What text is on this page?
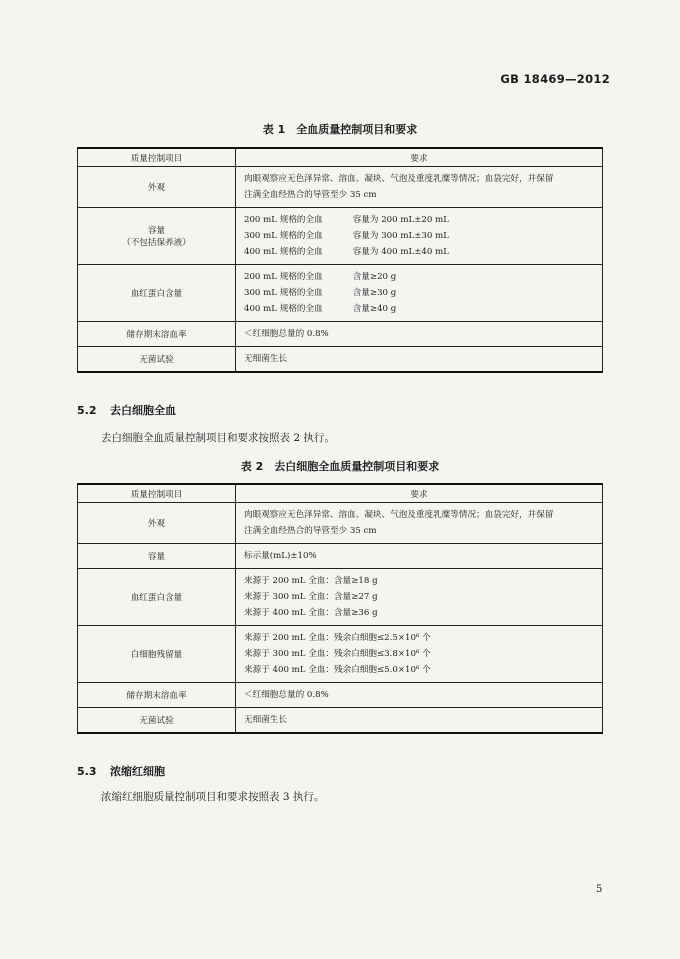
GB 18469—2012
表 1　全血质量控制项目和要求
质量控制项目	要求
外观	肉眼观察应无色泽异常、溶血、凝块、气泡及重度乳糜等情况；血袋完好，并保留
注满全血经热合的导管至少 35 cm

容量
（不包括保养液）	200 mL 规格的全血 容量为 200 mL±20 mL
300 mL 规格的全血 容量为 300 mL±30 mL
400 mL 规格的全血 容量为 400 mL±40 mL

血红蛋白含量	200 mL 规格的全血 含量≥20 g
300 mL 规格的全血 含量≥30 g
400 mL 规格的全血 含量≥40 g

储存期末溶血率	＜红细胞总量的 0.8%
无菌试验	无细菌生长
5.2 去白细胞全血
去白细胞全血质量控制项目和要求按照表 2 执行。
表 2　去白细胞全血质量控制项目和要求
质量控制项目	要求
外观	肉眼观察应无色泽异常、溶血、凝块、气泡及重度乳糜等情况；血袋完好，并保留
注满全血经热合的导管至少 35 cm

容量	标示量(mL)±10%
血红蛋白含量	来源于 200 mL 全血：含量≥18 g
来源于 300 mL 全血：含量≥27 g
来源于 400 mL 全血：含量≥36 g

白细胞残留量	来源于 200 mL 全血：残余白细胞≤2.5×10⁶ 个
来源于 300 mL 全血：残余白细胞≤3.8×10⁶ 个
来源于 400 mL 全血：残余白细胞≤5.0×10⁶ 个

储存期末溶血率	＜红细胞总量的 0.8%
无菌试验	无细菌生长
5.3 浓缩红细胞
浓缩红细胞质量控制项目和要求按照表 3 执行。
5
